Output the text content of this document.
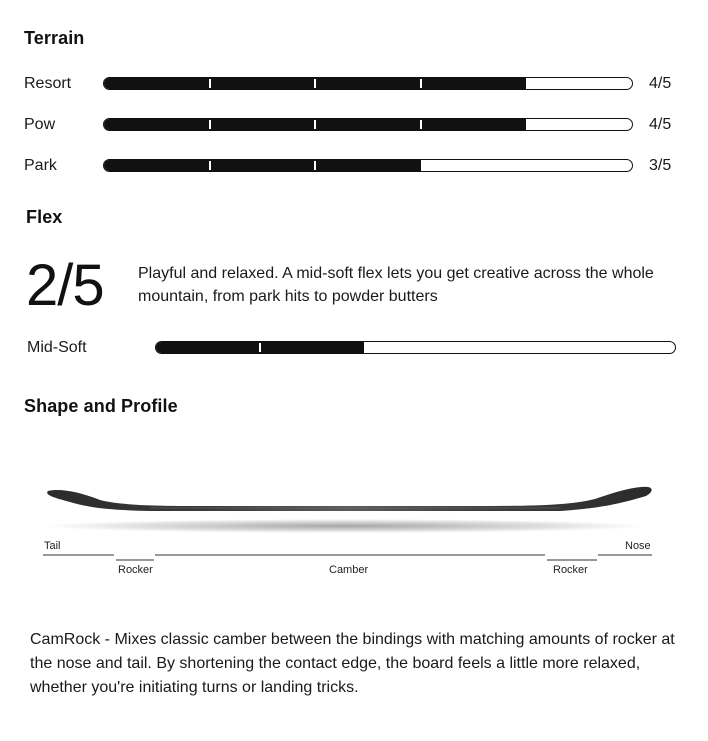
Terrain
Resort	4/5
Pow	4/5
Park	3/5
Flex
2/5 Playful and relaxed. A mid-soft flex lets you get creative across the whole mountain, from park hits to powder butters
Mid-Soft
Shape and Profile
Tail	Nose
Rocker	Camber	Rocker
CamRock - Mixes classic camber between the bindings with matching amounts of rocker at the nose and tail. By shortening the contact edge, the board feels a little more relaxed, whether you're initiating turns or landing tricks.
